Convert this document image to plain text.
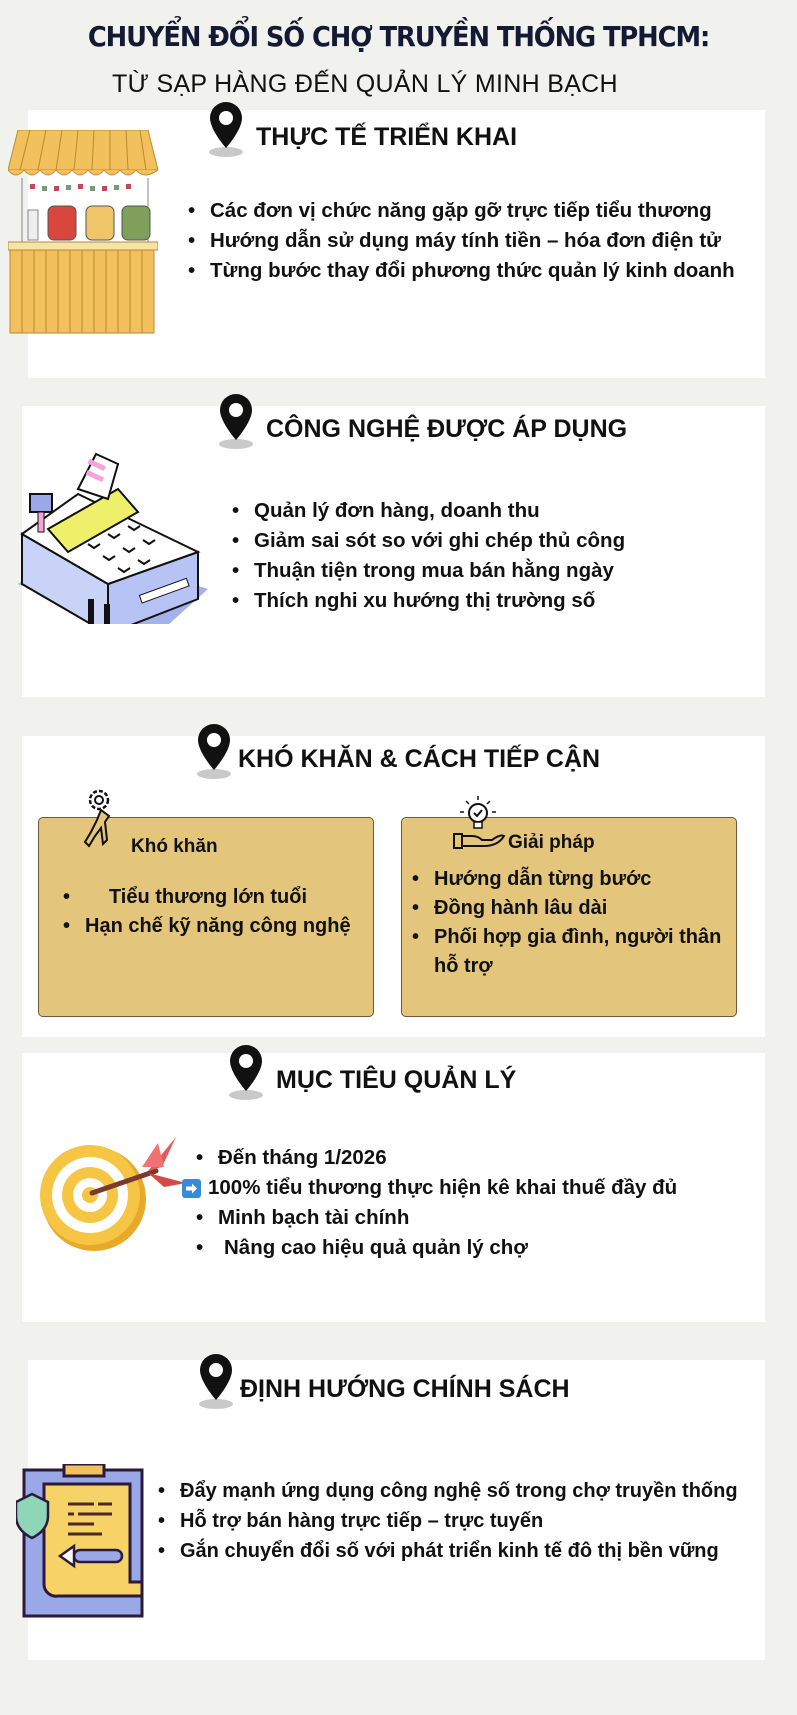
CHUYỂN ĐỔI SỐ CHỢ TRUYỀN THỐNG TPHCM:
TỪ SẠP HÀNG ĐẾN QUẢN LÝ MINH BẠCH
THỰC TẾ TRIỂN KHAI
• Các đơn vị chức năng gặp gỡ trực tiếp tiểu thương
• Hướng dẫn sử dụng máy tính tiền – hóa đơn điện tử
• Từng bước thay đổi phương thức quản lý kinh doanh
CÔNG NGHỆ ĐƯỢC ÁP DỤNG
• Quản lý đơn hàng, doanh thu
• Giảm sai sót so với ghi chép thủ công
• Thuận tiện trong mua bán hằng ngày
• Thích nghi xu hướng thị trường số
KHÓ KHĂN & CÁCH TIẾP CẬN
Khó khăn
• Tiểu thương lớn tuổi
• Hạn chế kỹ năng công nghệ
Giải pháp
• Hướng dẫn từng bước
• Đồng hành lâu dài
• Phối hợp gia đình, người thân hỗ trợ
MỤC TIÊU QUẢN LÝ
• Đến tháng 1/2026
100% tiểu thương thực hiện kê khai thuế đầy đủ
• Minh bạch tài chính
• Nâng cao hiệu quả quản lý chợ
ĐỊNH HƯỚNG CHÍNH SÁCH
• Đẩy mạnh ứng dụng công nghệ số trong chợ truyền thống
• Hỗ trợ bán hàng trực tiếp – trực tuyến
• Gắn chuyển đổi số với phát triển kinh tế đô thị bền vững
